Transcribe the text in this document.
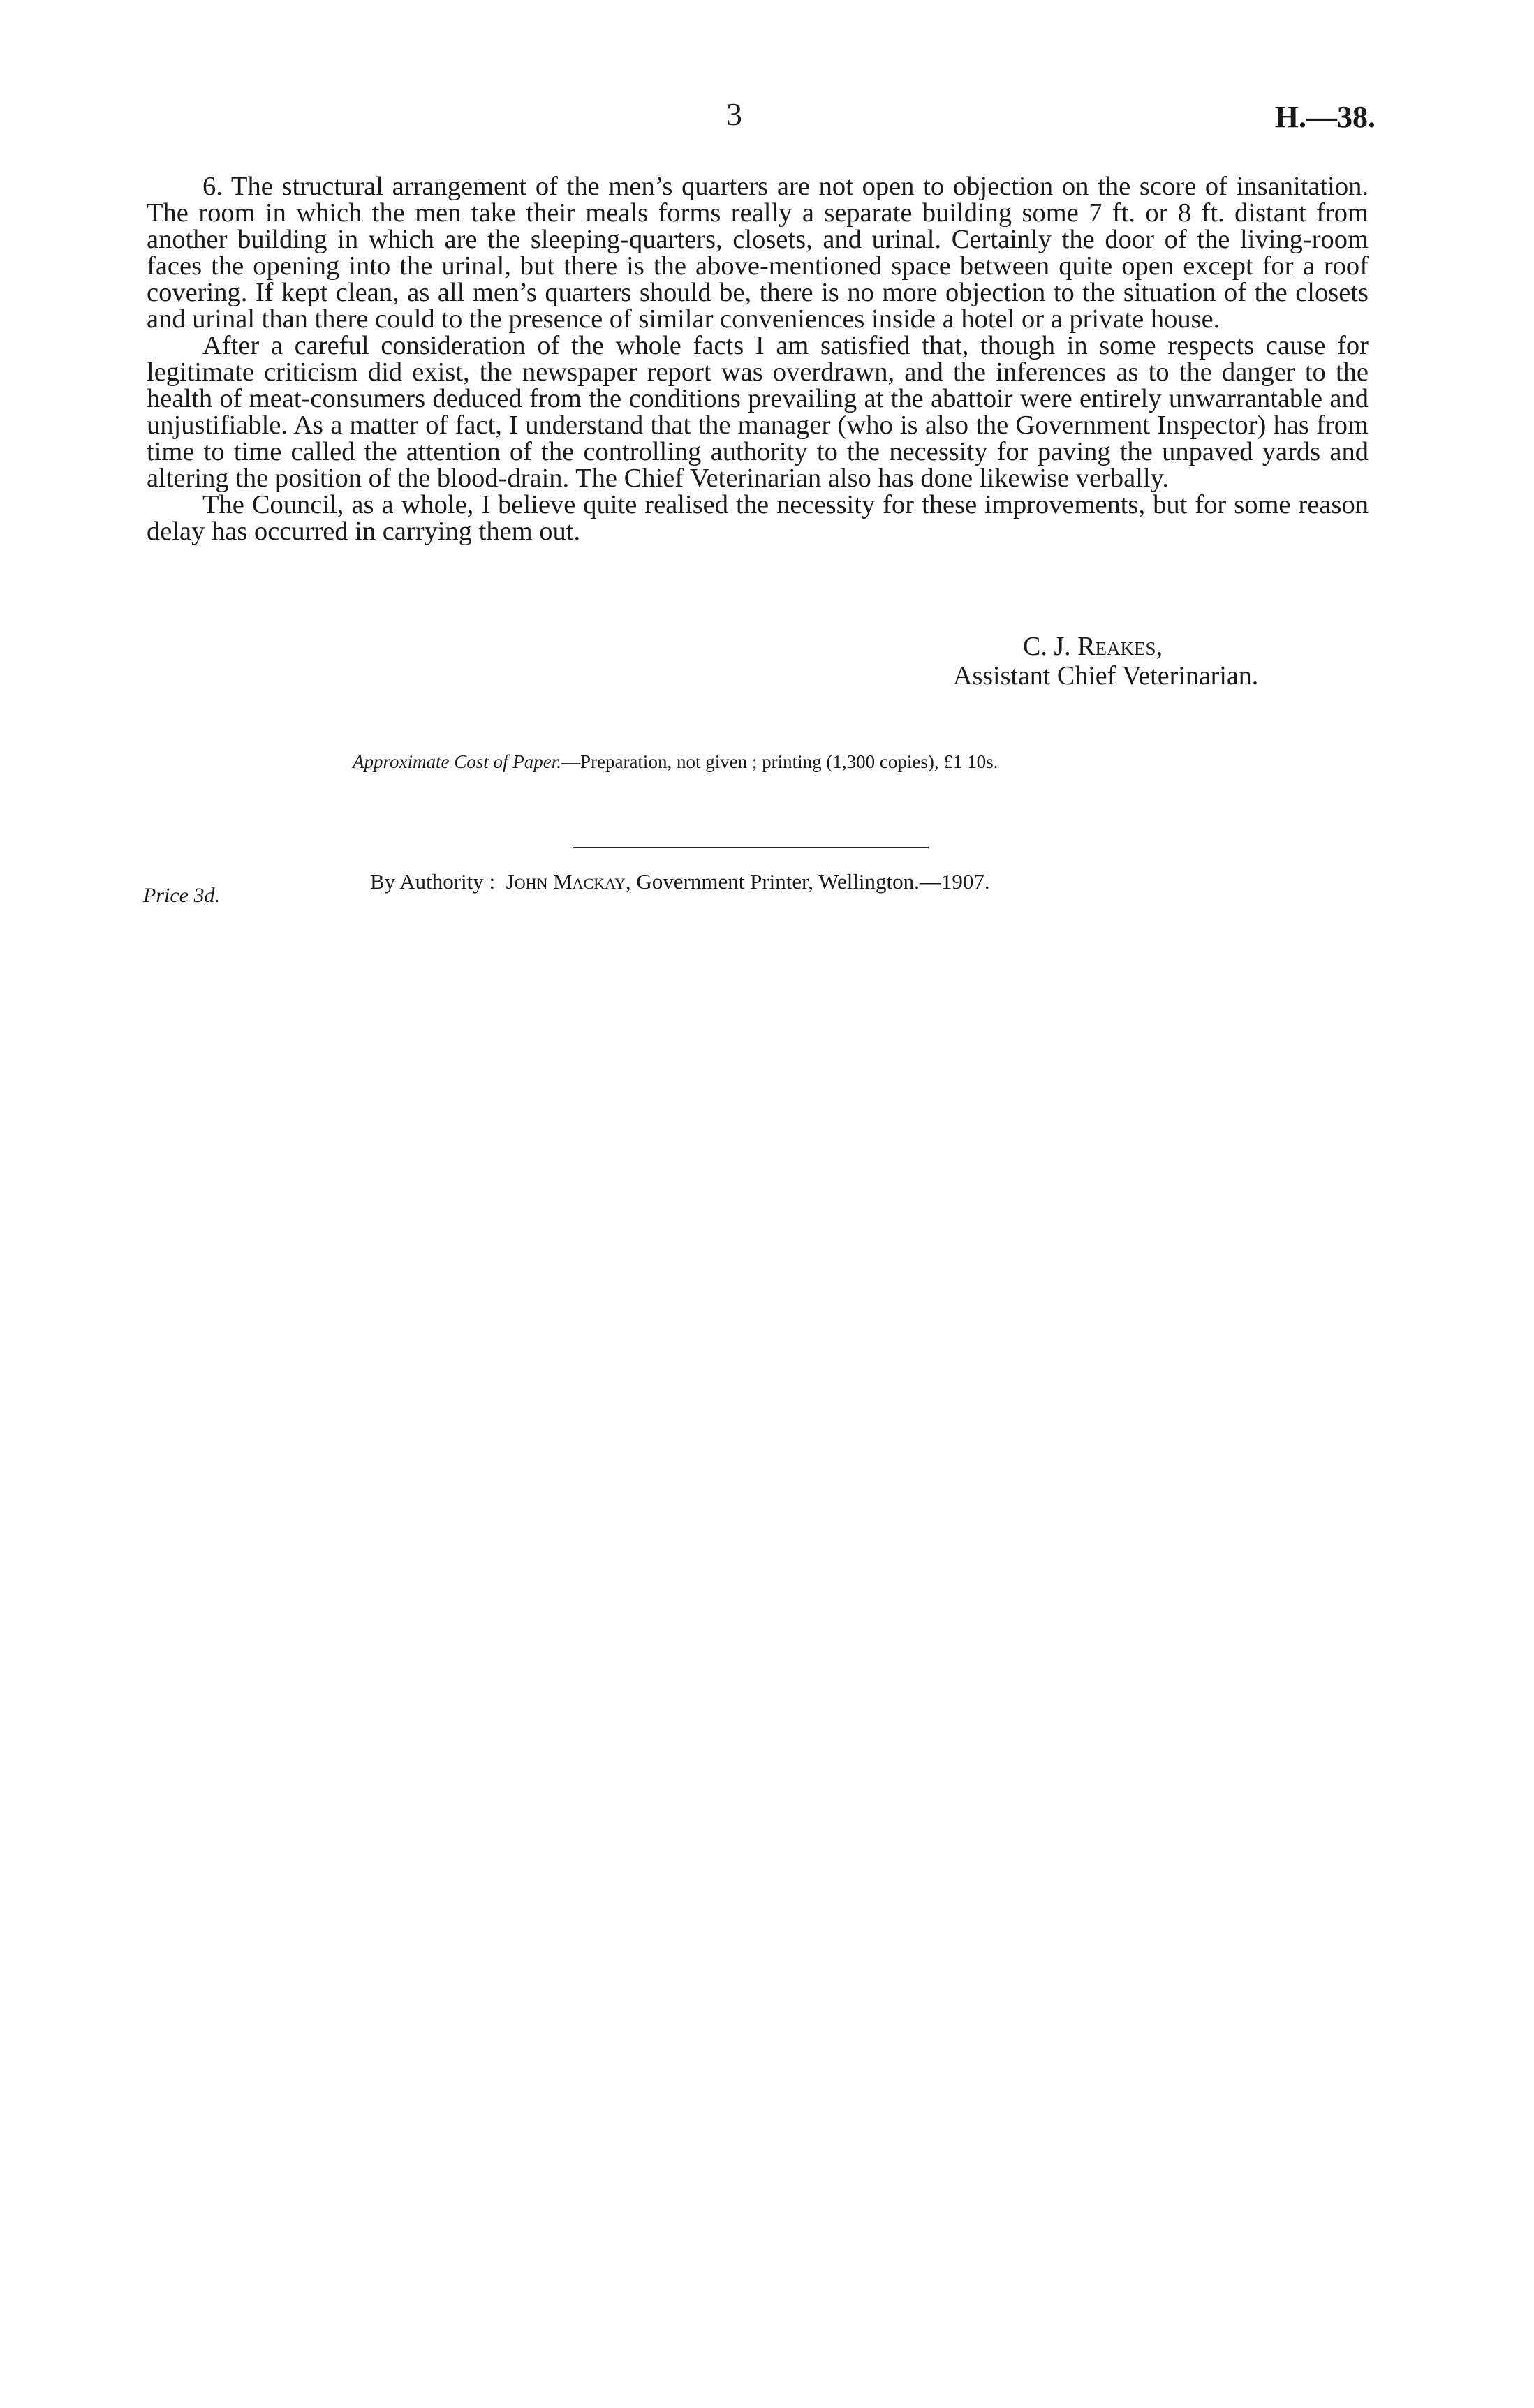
3	H.—38.

6. The structural arrangement of the men’s quarters are not open to objection on the score of insanitation. The room in which the men take their meals forms really a separate building some 7 ft. or 8 ft. distant from another building in which are the sleeping-quarters, closets, and urinal. Certainly the door of the living-room faces the opening into the urinal, but there is the above-mentioned space between quite open except for a roof covering. If kept clean, as all men’s quarters should be, there is no more objection to the situation of the closets and urinal than there could to the presence of similar conveniences inside a hotel or a private house.

After a careful consideration of the whole facts I am satisfied that, though in some respects cause for legitimate criticism did exist, the newspaper report was overdrawn, and the inferences as to the danger to the health of meat-consumers deduced from the conditions prevailing at the abattoir were entirely unwarrantable and unjustifiable. As a matter of fact, I understand that the manager (who is also the Government Inspector) has from time to time called the attention of the controlling authority to the necessity for paving the unpaved yards and altering the position of the blood-drain. The Chief Veterinarian also has done likewise verbally.

The Council, as a whole, I believe quite realised the necessity for these improvements, but for some reason delay has occurred in carrying them out.

C. J. Reakes,
Assistant Chief Veterinarian.
Approximate Cost of Paper.—Preparation, not given ; printing (1,300 copies), £1 10s.
By Authority : John Mackay, Government Printer, Wellington.—1907.
Price 3d.
